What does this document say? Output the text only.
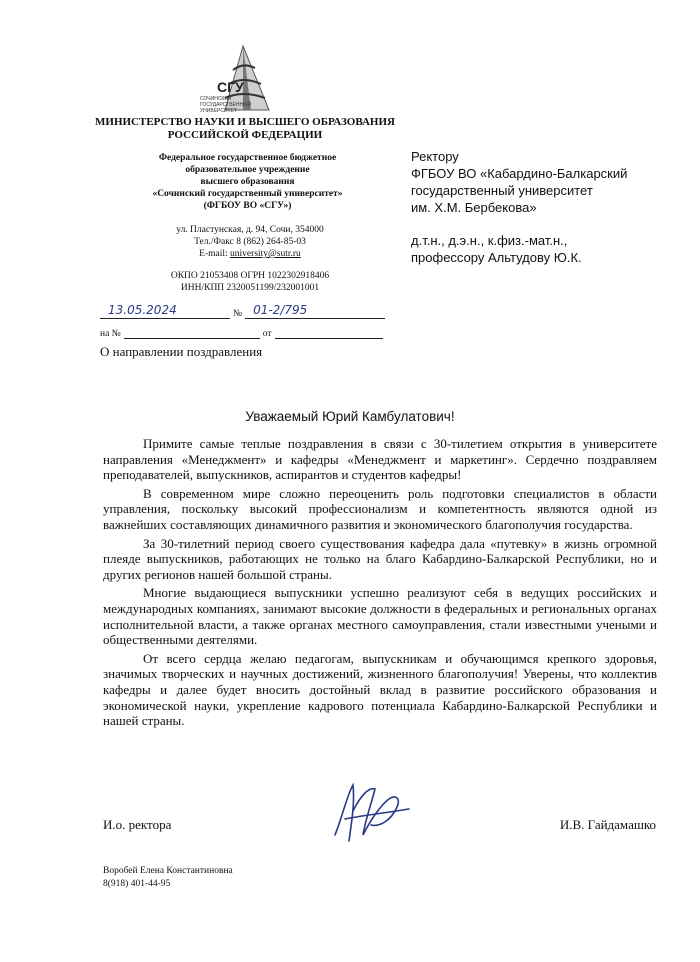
СГУ
СОЧИНСКИЙ
ГОСУДАРСТВЕННЫЙ
УНИВЕРСИТЕТ
МИНИСТЕРСТВО НАУКИ И ВЫСШЕГО ОБРАЗОВАНИЯ
РОССИЙСКОЙ ФЕДЕРАЦИИ
Федеральное государственное бюджетное
образовательное учреждение
высшего образования
«Сочинский государственный университет»
(ФГБОУ ВО «СГУ»)
ул. Пластунская, д. 94, Сочи, 354000
Тел./Факс 8 (862) 264-85-03
E-mail: university@sutr.ru
ОКПО 21053408 ОГРН 1022302918406
ИНН/КПП 2320051199/232001001
13.05.2024	№ 01-2/795
на №	от
О направлении поздравления
Ректору
ФГБОУ ВО «Кабардино-Балкарский
государственный университет
им. Х.М. Бербекова»
д.т.н., д.э.н., к.физ.-мат.н.,
профессору Альтудову Ю.К.
Уважаемый Юрий Камбулатович!

Примите самые теплые поздравления в связи с 30-тилетием открытия в университете направления «Менеджмент» и кафедры «Менеджмент и маркетинг». Сердечно поздравляем преподавателей, выпускников, аспирантов и студентов кафедры!

В современном мире сложно переоценить роль подготовки специалистов в области управления, поскольку высокий профессионализм и компетентность являются одной из важнейших составляющих динамичного развития и экономического благополучия государства.

За 30-тилетний период своего существования кафедра дала «путевку» в жизнь огромной плеяде выпускников, работающих не только на благо Кабардино-Балкарской Республики, но и других регионов нашей большой страны.

Многие выдающиеся выпускники успешно реализуют себя в ведущих российских и международных компаниях, занимают высокие должности в федеральных и региональных органах исполнительной власти, а также органах местного самоуправления, стали известными учеными и общественными деятелями.

От всего сердца желаю педагогам, выпускникам и обучающимся крепкого здоровья, значимых творческих и научных достижений, жизненного благополучия! Уверены, что коллектив кафедры и далее будет вносить достойный вклад в развитие российского образования и экономической науки, укрепление кадрового потенциала Кабардино-Балкарской Республики и нашей страны.

И.о. ректора	И.В. Гайдамашко
Воробей Елена Константиновна
8(918) 401-44-95
